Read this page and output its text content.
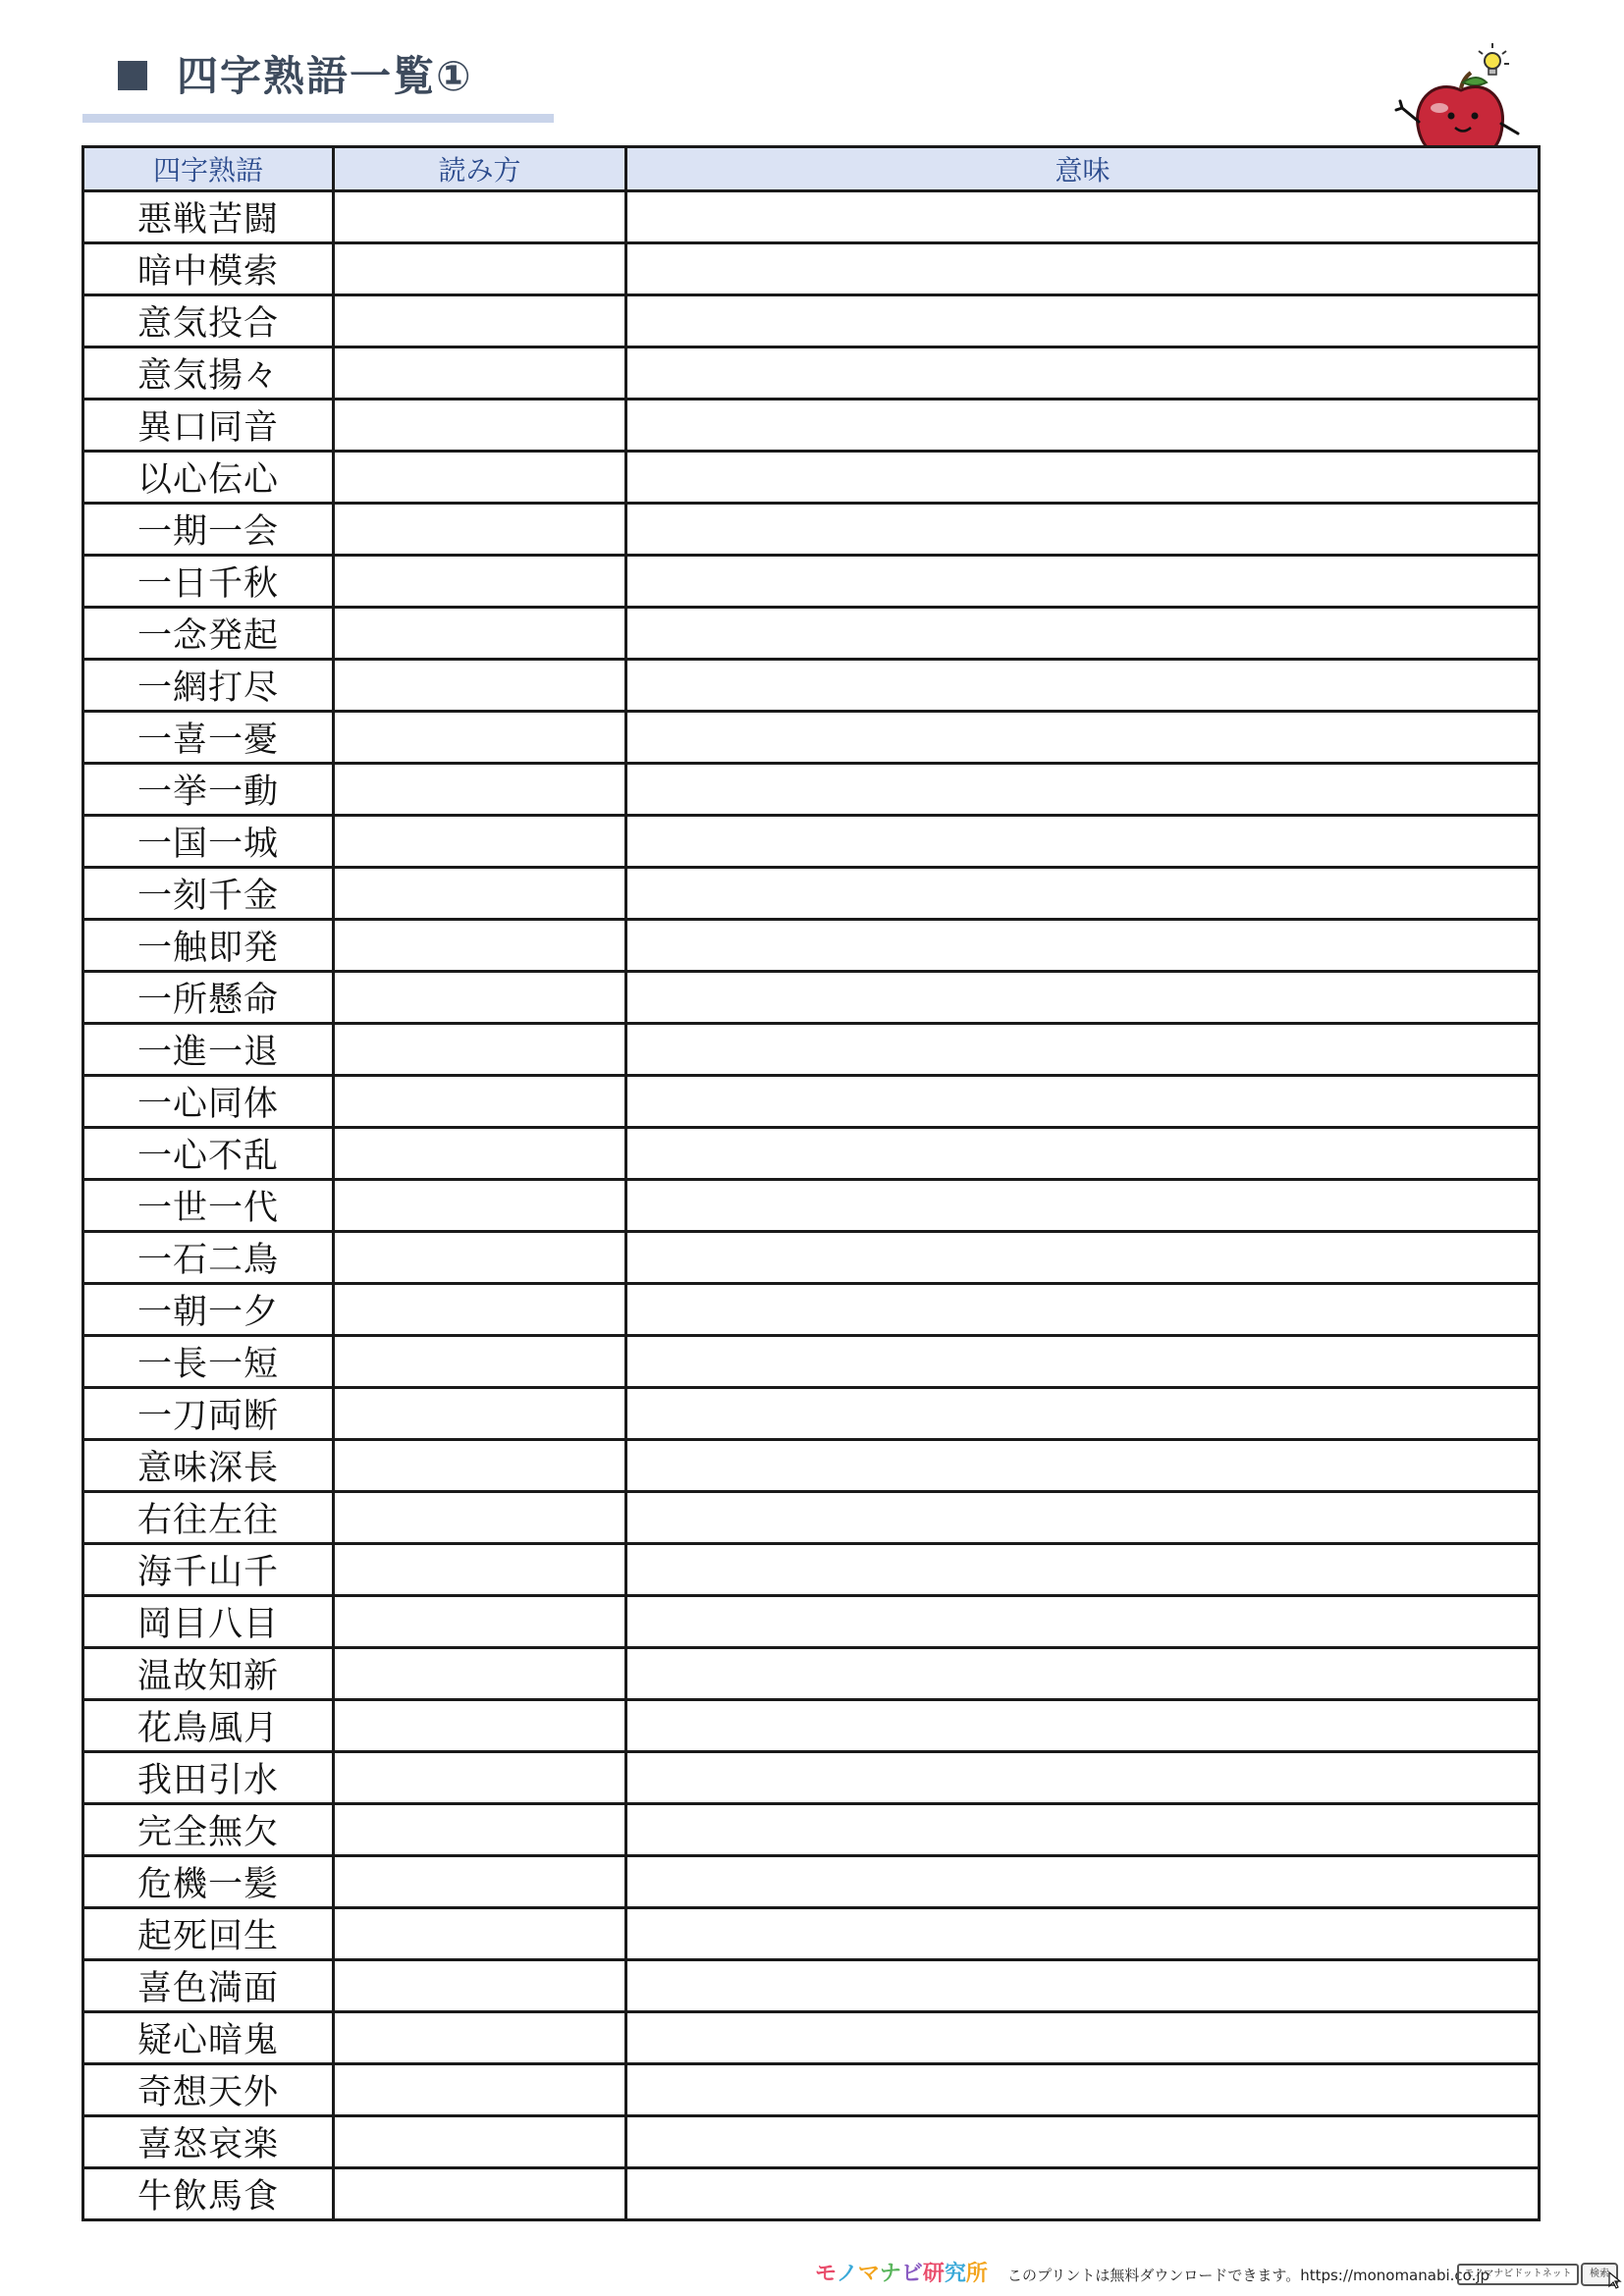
四字熟語一覧①
四字熟語	読み方	意味
悪戦苦闘		
暗中模索		
意気投合		
意気揚々		
異口同音		
以心伝心		
一期一会		
一日千秋		
一念発起		
一網打尽		
一喜一憂		
一挙一動		
一国一城		
一刻千金		
一触即発		
一所懸命		
一進一退		
一心同体		
一心不乱		
一世一代		
一石二鳥		
一朝一夕		
一長一短		
一刀両断		
意味深長		
右往左往		
海千山千		
岡目八目		
温故知新		
花鳥風月		
我田引水		
完全無欠		
危機一髪		
起死回生		
喜色満面		
疑心暗鬼		
奇想天外		
喜怒哀楽		
牛飲馬食		
モノマナビ研究所 このプリントは無料ダウンロードできます。https://monomanabi.co.jp
モノマナビドットネット	検索
